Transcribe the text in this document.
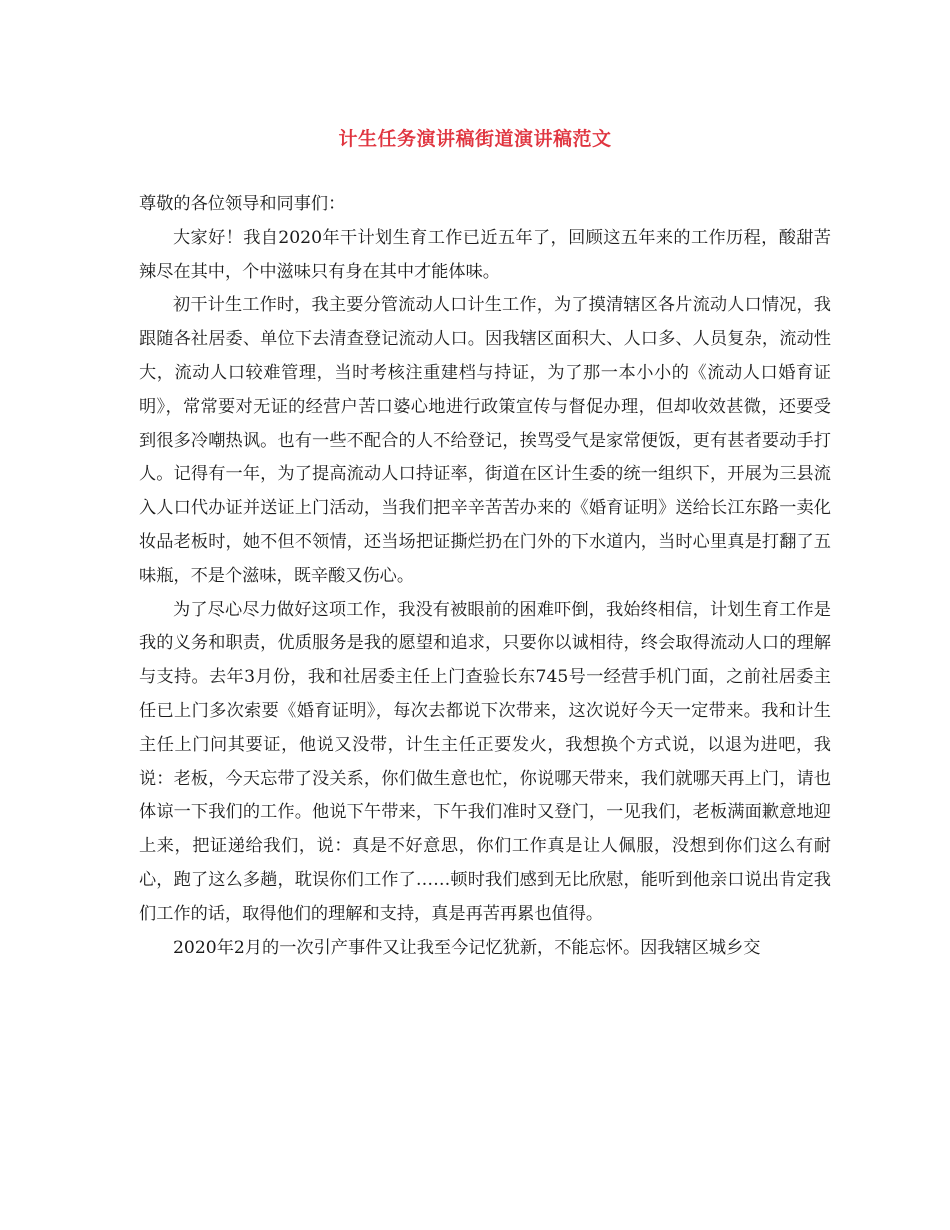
计生任务演讲稿街道演讲稿范文

尊敬的各位领导和同事们：

大家好！我自2020年干计划生育工作已近五年了，回顾这五年来的工作历程，酸甜苦辣尽在其中，个中滋味只有身在其中才能体味。

初干计生工作时，我主要分管流动人口计生工作，为了摸清辖区各片流动人口情况，我跟随各社居委、单位下去清查登记流动人口。因我辖区面积大、人口多、人员复杂，流动性大，流动人口较难管理，当时考核注重建档与持证，为了那一本小小的《流动人口婚育证明》，常常要对无证的经营户苦口婆心地进行政策宣传与督促办理，但却收效甚微，还要受到很多冷嘲热讽。也有一些不配合的人不给登记，挨骂受气是家常便饭，更有甚者要动手打人。记得有一年，为了提高流动人口持证率，街道在区计生委的统一组织下，开展为三县流入人口代办证并送证上门活动，当我们把辛辛苦苦办来的《婚育证明》送给长江东路一卖化妆品老板时，她不但不领情，还当场把证撕烂扔在门外的下水道内，当时心里真是打翻了五味瓶，不是个滋味，既辛酸又伤心。

为了尽心尽力做好这项工作，我没有被眼前的困难吓倒，我始终相信，计划生育工作是我的义务和职责，优质服务是我的愿望和追求，只要你以诚相待，终会取得流动人口的理解与支持。去年3月份，我和社居委主任上门查验长东745号一经营手机门面，之前社居委主任已上门多次索要《婚育证明》，每次去都说下次带来，这次说好今天一定带来。我和计生主任上门问其要证，他说又没带，计生主任正要发火，我想换个方式说，以退为进吧，我说：老板，今天忘带了没关系，你们做生意也忙，你说哪天带来，我们就哪天再上门，请也体谅一下我们的工作。他说下午带来，下午我们准时又登门，一见我们，老板满面歉意地迎上来，把证递给我们，说：真是不好意思，你们工作真是让人佩服，没想到你们这么有耐心，跑了这么多趟，耽误你们工作了……顿时我们感到无比欣慰，能听到他亲口说出肯定我们工作的话，取得他们的理解和支持，真是再苦再累也值得。

2020年2月的一次引产事件又让我至今记忆犹新，不能忘怀。因我辖区城乡交
